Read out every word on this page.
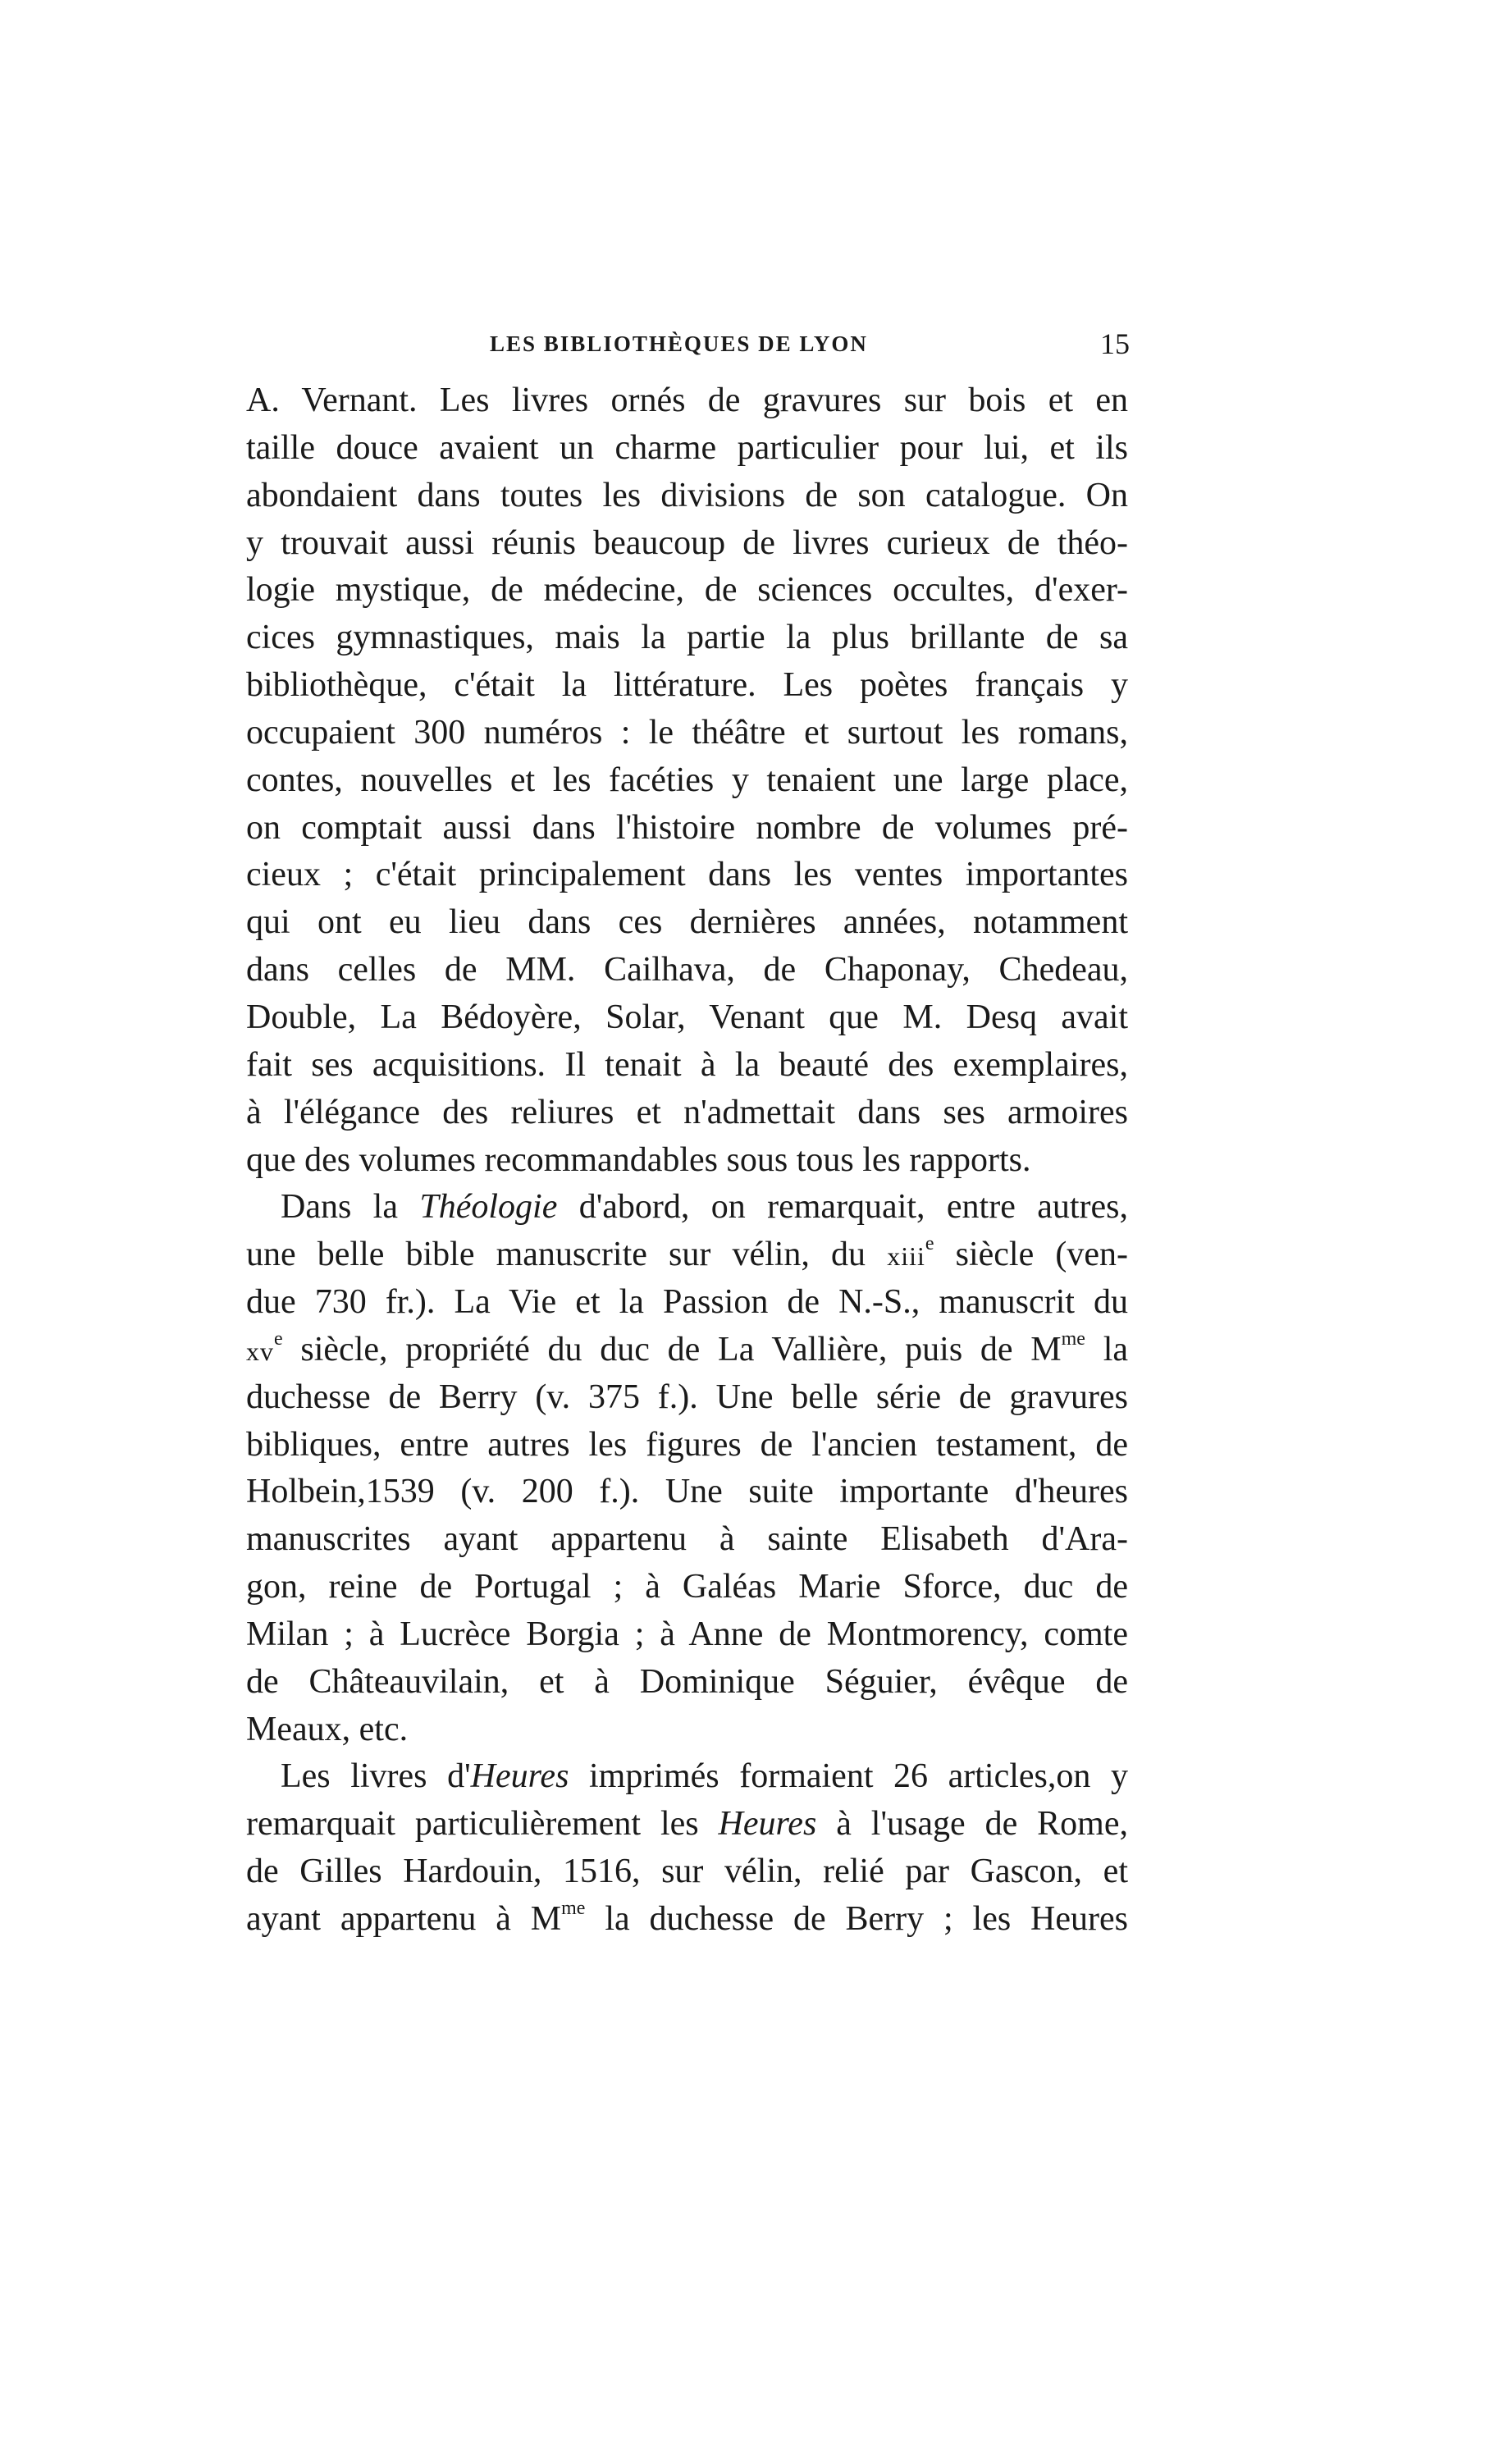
LES BIBLIOTHÈQUES DE LYON	15
A. Vernant. Les livres ornés de gravures sur bois et en
taille douce avaient un charme particulier pour lui, et ils
abondaient dans toutes les divisions de son catalogue. On
y trouvait aussi réunis beaucoup de livres curieux de théo-
logie mystique, de médecine, de sciences occultes, d'exer-
cices gymnastiques, mais la partie la plus brillante de sa
bibliothèque, c'était la littérature. Les poètes français y
occupaient 300 numéros : le théâtre et surtout les romans,
contes, nouvelles et les facéties y tenaient une large place,
on comptait aussi dans l'histoire nombre de volumes pré-
cieux ; c'était principalement dans les ventes importantes
qui ont eu lieu dans ces dernières années, notamment
dans celles de MM. Cailhava, de Chaponay, Chedeau,
Double, La Bédoyère, Solar, Venant que M. Desq avait
fait ses acquisitions. Il tenait à la beauté des exemplaires,
à l'élégance des reliures et n'admettait dans ses armoires
que des volumes recommandables sous tous les rapports.
Dans la Théologie d'abord, on remarquait, entre autres,
une belle bible manuscrite sur vélin, du xiii$^e$ siècle (ven-
due 730 fr.). La Vie et la Passion de N.-S., manuscrit du
$xv^e$ siècle, propriété du duc de La Vallière, puis de $M^{me}$ la
duchesse de Berry (v. 375 f.). Une belle série de gravures
bibliques, entre autres les figures de l'ancien testament, de
Holbein,1539 (v. 200 f.). Une suite importante d'heures
manuscrites ayant appartenu à sainte Elisabeth d'Ara-
gon, reine de Portugal ; à Galéas Marie Sforce, duc de
Milan ; à Lucrèce Borgia ; à Anne de Montmorency, comte
de Châteauvilain, et à Dominique Séguier, évêque de
Meaux, etc.
Les livres d'Heures imprimés formaient 26 articles,on y
remarquait particulièrement les Heures à l'usage de Rome,
de Gilles Hardouin, 1516, sur vélin, relié par Gascon, et
ayant appartenu à $M^{me}$ la duchesse de Berry ; les Heures
